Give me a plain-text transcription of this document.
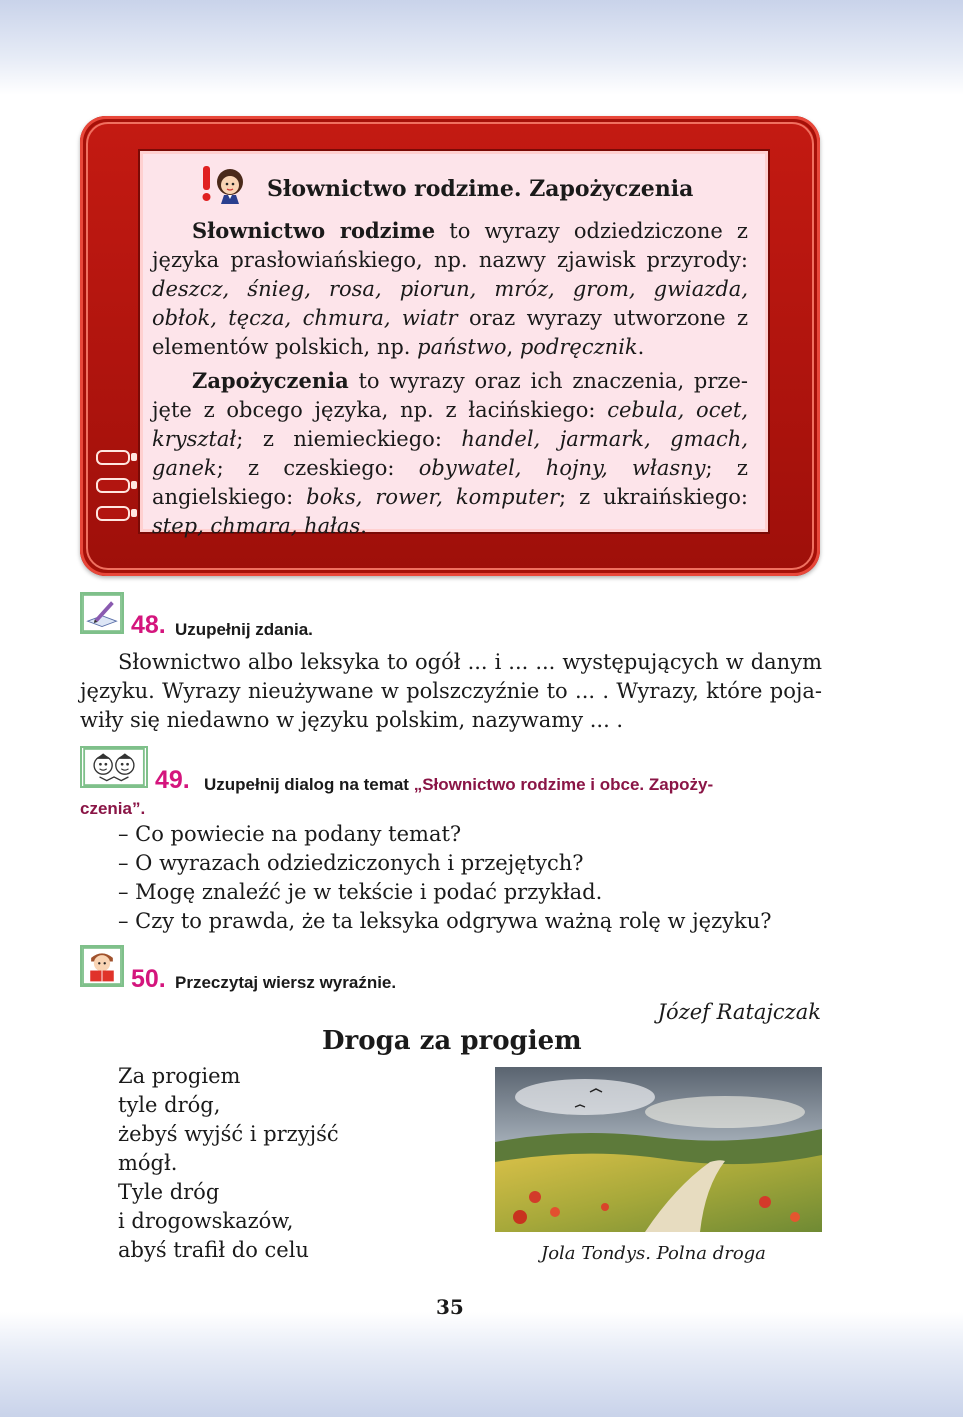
Słownictwo rodzime. Zapożyczenia

Słownictwo rodzime to wyrazy odziedziczone z języka prasłowiańskiego, np. nazwy zjawisk przyrody: deszcz, śnieg, rosa, piorun, mróz, grom, gwiazda, obłok, tęcza, chmura, wiatr oraz wyrazy utworzone z elementów polskich, np. państwo, podręcznik.

Zapożyczenia to wyrazy oraz ich znaczenia, przejęte z obcego języka, np. z łacińskiego: cebula, ocet, kryształ; z niemieckiego: handel, jarmark, gmach, ganek; z czeskiego: obywatel, hojny, własny; z angielskiego: boks, rower, komputer; z ukraińskiego: step, chmara, hałas.

48. Uzupełnij zdania.

Słownictwo albo leksyka to ogół ... i ... ... występujących w danym języku. Wyrazy nieużywane w polszczyźnie to ... . Wyrazy, które pojawiły się niedawno w języku polskim, nazywamy ... .

49. Uzupełnij dialog na temat „Słownictwo rodzime i obce. Zapoży-
czenia”.
– Co powiecie na podany temat?
– O wyrazach odziedziczonych i przejętych?
– Mogę znaleźć je w tekście i podać przykład.
– Czy to prawda, że ta leksyka odgrywa ważną rolę w języku?
50. Przeczytaj wiersz wyraźnie.
Józef Ratajczak
Droga za progiem
Za progiem
tyle dróg,
żebyś wyjść i przyjść
mógł.
Tyle dróg
i drogowskazów,
abyś trafił do celu	Jola Tondys. Polna droga
35
